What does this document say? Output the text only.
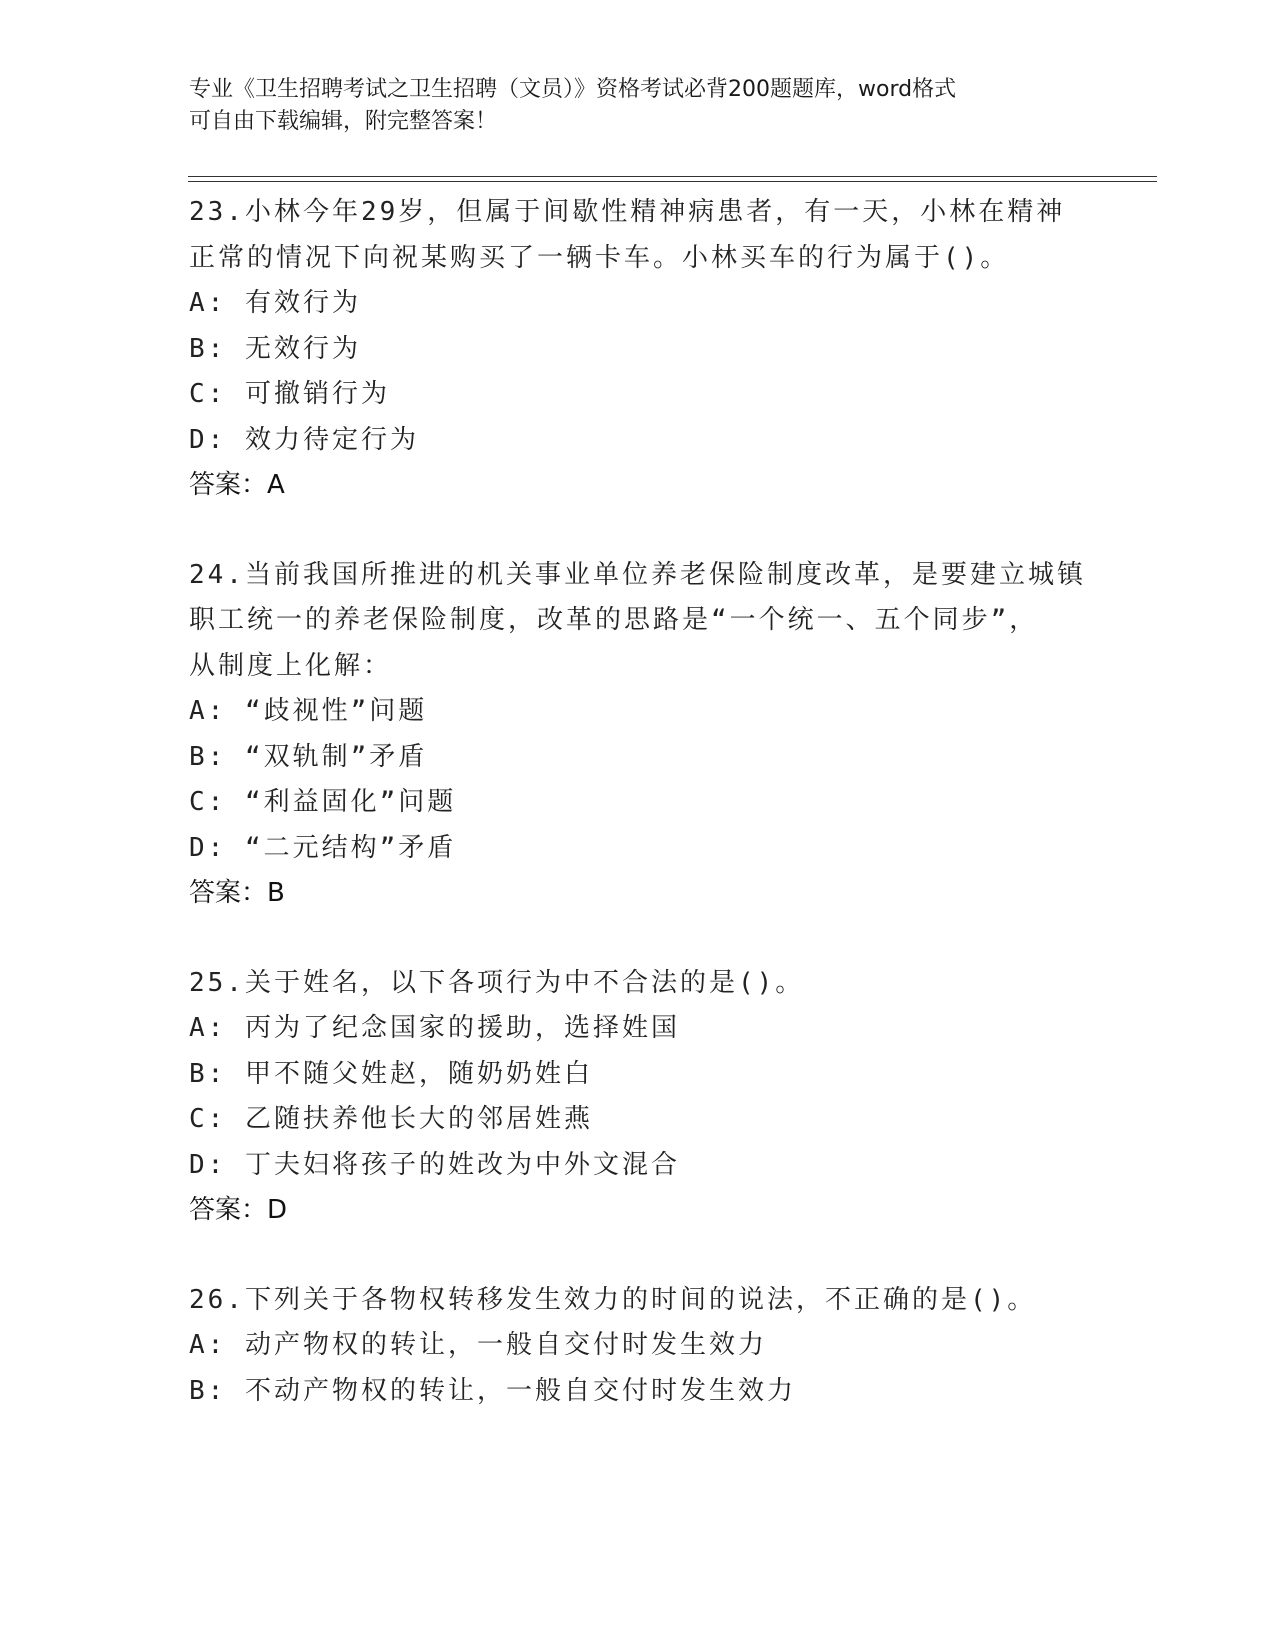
专业《卫生招聘考试之卫生招聘（文员）》资格考试必背200题题库，word格式
可自由下载编辑，附完整答案！
23.小林今年29岁，但属于间歇性精神病患者，有一天，小林在精神
正常的情况下向祝某购买了一辆卡车。小林买车的行为属于()。
A: 有效行为
B: 无效行为
C: 可撤销行为
D: 效力待定行为
答案：A
24.当前我国所推进的机关事业单位养老保险制度改革，是要建立城镇
职工统一的养老保险制度，改革的思路是“一个统一、五个同步”，
从制度上化解：
A: “歧视性”问题
B: “双轨制”矛盾
C: “利益固化”问题
D: “二元结构”矛盾
答案：B
25.关于姓名，以下各项行为中不合法的是()。
A: 丙为了纪念国家的援助，选择姓国
B: 甲不随父姓赵，随奶奶姓白
C: 乙随扶养他长大的邻居姓燕
D: 丁夫妇将孩子的姓改为中外文混合
答案：D
26.下列关于各物权转移发生效力的时间的说法，不正确的是()。
A: 动产物权的转让，一般自交付时发生效力
B: 不动产物权的转让，一般自交付时发生效力
